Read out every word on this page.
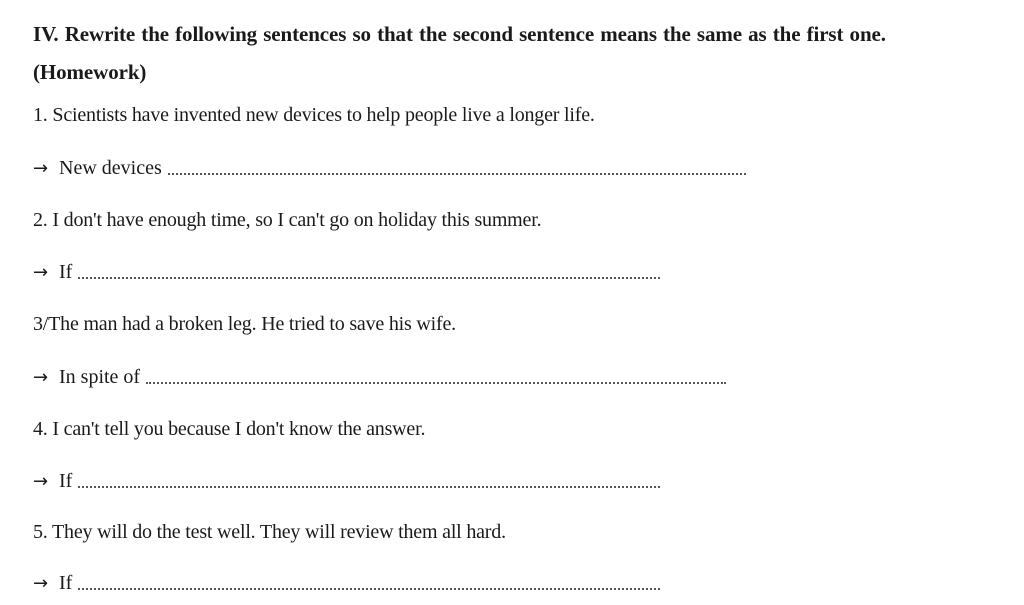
IV. Rewrite the following sentences so that the second sentence means the same as the first one.
(Homework)
1. Scientists have invented new devices to help people live a longer life.
→ New devices
2. I don't have enough time, so I can't go on holiday this summer.
→ If
3/The man had a broken leg. He tried to save his wife.
→ In spite of
4. I can't tell you because I don't know the answer.
→ If
5. They will do the test well. They will review them all hard.
→ If
